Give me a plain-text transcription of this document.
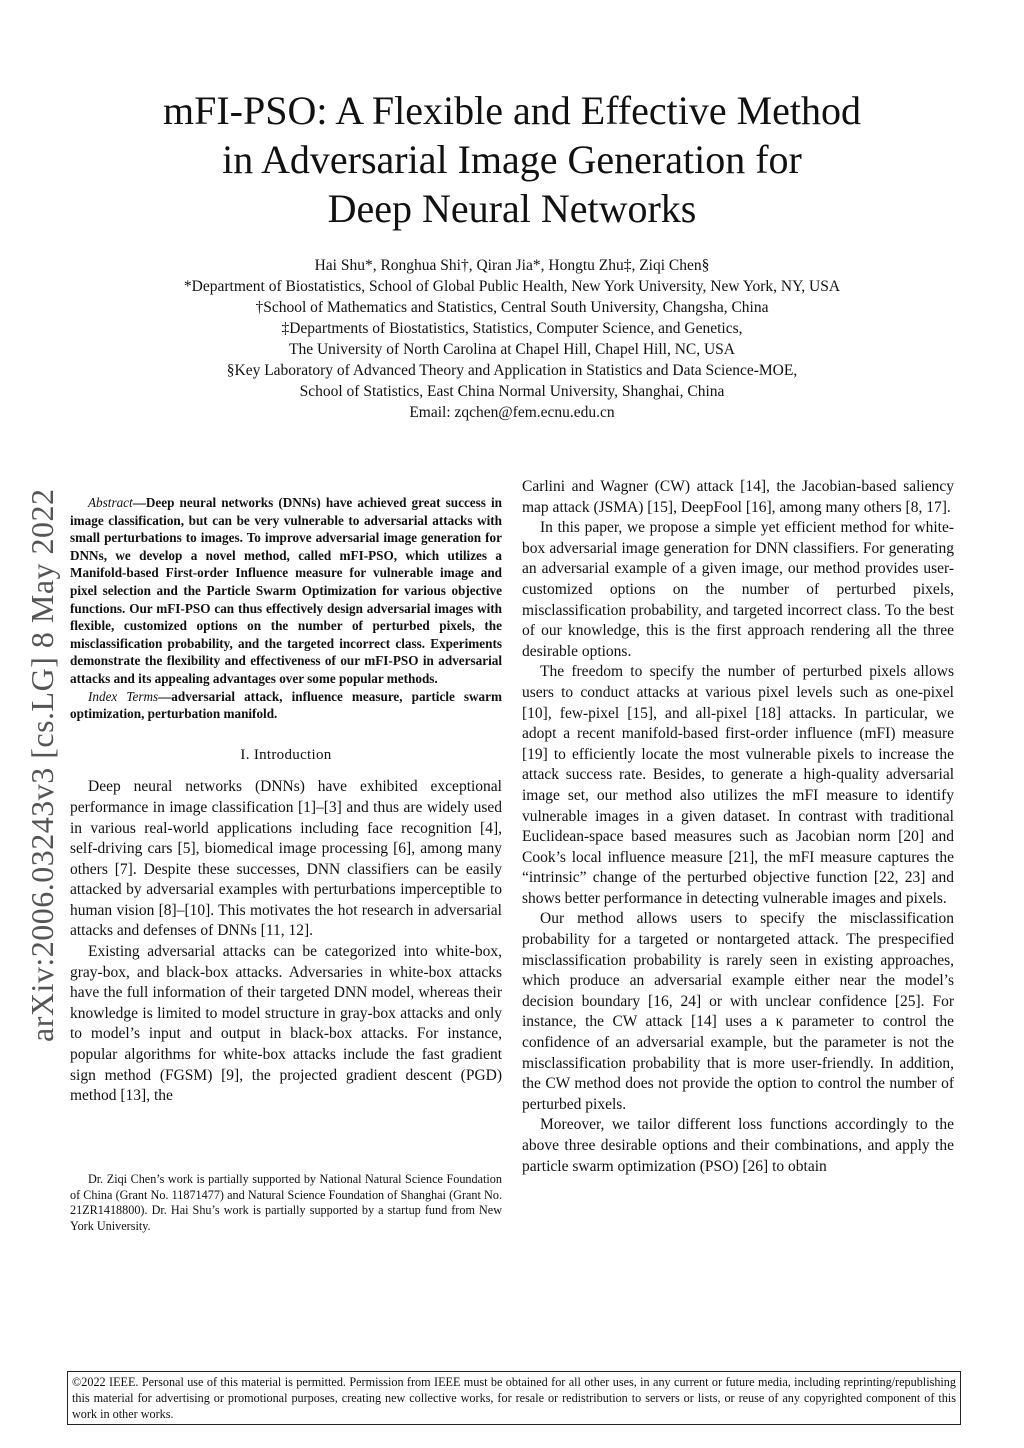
mFI-PSO: A Flexible and Effective Method
in Adversarial Image Generation for
Deep Neural Networks
Hai Shu*, Ronghua Shi†, Qiran Jia*, Hongtu Zhu‡, Ziqi Chen§
*Department of Biostatistics, School of Global Public Health, New York University, New York, NY, USA
†School of Mathematics and Statistics, Central South University, Changsha, China
‡Departments of Biostatistics, Statistics, Computer Science, and Genetics,
The University of North Carolina at Chapel Hill, Chapel Hill, NC, USA
§Key Laboratory of Advanced Theory and Application in Statistics and Data Science-MOE,
School of Statistics, East China Normal University, Shanghai, China
Email: zqchen@fem.ecnu.edu.cn
arXiv:2006.03243v3 [cs.LG] 8 May 2022	Abstract—Deep neural networks (DNNs) have achieved great success in image classification, but can be very vulnerable to adversarial attacks with small perturbations to images. To improve adversarial image generation for DNNs, we develop a novel method, called mFI-PSO, which utilizes a Manifold-based First-order Influence measure for vulnerable image and pixel selection and the Particle Swarm Optimization for various objective functions. Our mFI-PSO can thus effectively design adversarial images with flexible, customized options on the number of perturbed pixels, the misclassification probability, and the targeted incorrect class. Experiments demonstrate the flexibility and effectiveness of our mFI-PSO in adversarial attacks and its appealing advantages over some popular methods.

Index Terms—adversarial attack, influence measure, particle swarm optimization, perturbation manifold.

I. Introduction

Deep neural networks (DNNs) have exhibited exceptional performance in image classification [1]–[3] and thus are widely used in various real-world applications including face recognition [4], self-driving cars [5], biomedical image processing [6], among many others [7]. Despite these successes, DNN classifiers can be easily attacked by adversarial examples with perturbations imperceptible to human vision [8]–[10]. This motivates the hot research in adversarial attacks and defenses of DNNs [11, 12].

Existing adversarial attacks can be categorized into white-box, gray-box, and black-box attacks. Adversaries in white-box attacks have the full information of their targeted DNN model, whereas their knowledge is limited to model structure in gray-box attacks and only to model’s input and output in black-box attacks. For instance, popular algorithms for white-box attacks include the fast gradient sign method (FGSM) [9], the projected gradient descent (PGD) method [13], the

Dr. Ziqi Chen’s work is partially supported by National Natural Science Foundation of China (Grant No. 11871477) and Natural Science Foundation of Shanghai (Grant No. 21ZR1418800). Dr. Hai Shu’s work is partially supported by a startup fund from New York University.

Carlini and Wagner (CW) attack [14], the Jacobian-based saliency map attack (JSMA) [15], DeepFool [16], among many others [8, 17].

In this paper, we propose a simple yet efficient method for white-box adversarial image generation for DNN classifiers. For generating an adversarial example of a given image, our method provides user-customized options on the number of perturbed pixels, misclassification probability, and targeted incorrect class. To the best of our knowledge, this is the first approach rendering all the three desirable options.

The freedom to specify the number of perturbed pixels allows users to conduct attacks at various pixel levels such as one-pixel [10], few-pixel [15], and all-pixel [18] attacks. In particular, we adopt a recent manifold-based first-order influence (mFI) measure [19] to efficiently locate the most vulnerable pixels to increase the attack success rate. Besides, to generate a high-quality adversarial image set, our method also utilizes the mFI measure to identify vulnerable images in a given dataset. In contrast with traditional Euclidean-space based measures such as Jacobian norm [20] and Cook’s local influence measure [21], the mFI measure captures the “intrinsic” change of the perturbed objective function [22, 23] and shows better performance in detecting vulnerable images and pixels.

Our method allows users to specify the misclassification probability for a targeted or nontargeted attack. The prespecified misclassification probability is rarely seen in existing approaches, which produce an adversarial example either near the model’s decision boundary [16, 24] or with unclear confidence [25]. For instance, the CW attack [14] uses a κ parameter to control the confidence of an adversarial example, but the parameter is not the misclassification probability that is more user-friendly. In addition, the CW method does not provide the option to control the number of perturbed pixels.

Moreover, we tailor different loss functions accordingly to the above three desirable options and their combinations, and apply the particle swarm optimization (PSO) [26] to obtain

©2022 IEEE. Personal use of this material is permitted. Permission from IEEE must be obtained for all other uses, in any current or future media, including reprinting/republishing this material for advertising or promotional purposes, creating new collective works, for resale or redistribution to servers or lists, or reuse of any copyrighted component of this work in other works.
